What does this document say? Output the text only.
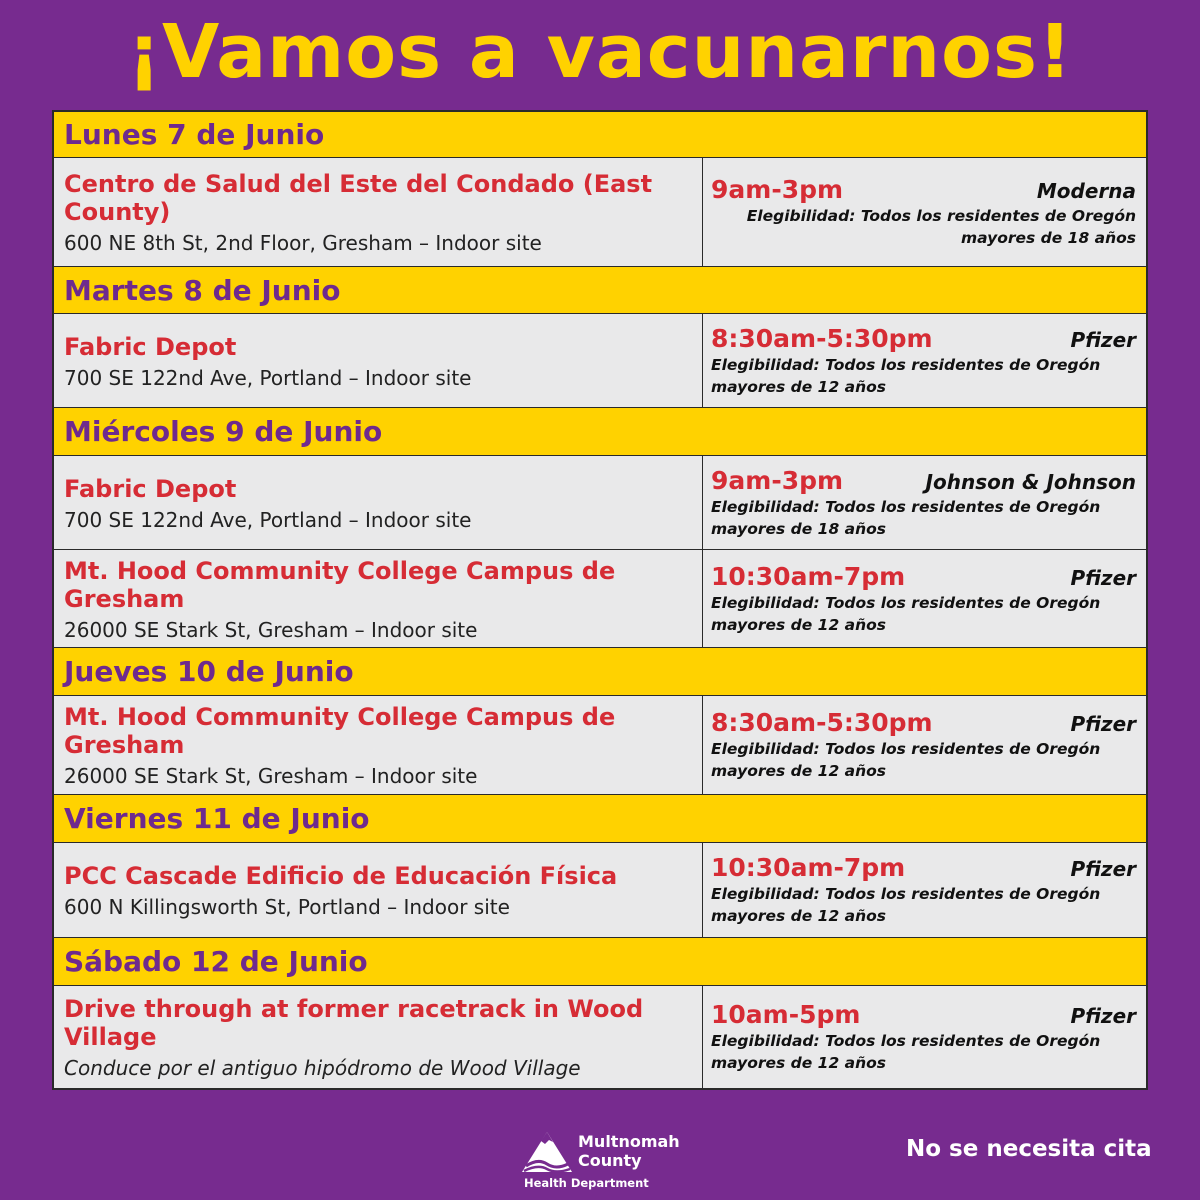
¡Vamos a vacunarnos!
Lunes 7 de Junio
Centro de Salud del Este del Condado (East County)
600 NE 8th St, 2nd Floor, Gresham – Indoor site
9am-3pm	Moderna
Elegibilidad: Todos los residentes de Oregón mayores de 18 años
Martes 8 de Junio
Fabric Depot
700 SE 122nd Ave, Portland – Indoor site
8:30am-5:30pm	Pfizer
Elegibilidad: Todos los residentes de Oregón mayores de 12 años
Miércoles 9 de Junio
Fabric Depot
700 SE 122nd Ave, Portland – Indoor site
9am-3pm	Johnson & Johnson
Elegibilidad: Todos los residentes de Oregón mayores de 18 años
Mt. Hood Community College Campus de Gresham
26000 SE Stark St, Gresham – Indoor site
10:30am-7pm	Pfizer
Elegibilidad: Todos los residentes de Oregón mayores de 12 años
Jueves 10 de Junio
Mt. Hood Community College Campus de Gresham
26000 SE Stark St, Gresham – Indoor site
8:30am-5:30pm	Pfizer
Elegibilidad: Todos los residentes de Oregón mayores de 12 años
Viernes 11 de Junio
PCC Cascade Edificio de Educación Física
600 N Killingsworth St, Portland – Indoor site
10:30am-7pm	Pfizer
Elegibilidad: Todos los residentes de Oregón mayores de 12 años
Sábado 12 de Junio
Drive through at former racetrack in Wood Village
Conduce por el antiguo hipódromo de Wood Village
10am-5pm	Pfizer
Elegibilidad: Todos los residentes de Oregón mayores de 12 años
Multnomah County
Health Department
No se necesita cita
